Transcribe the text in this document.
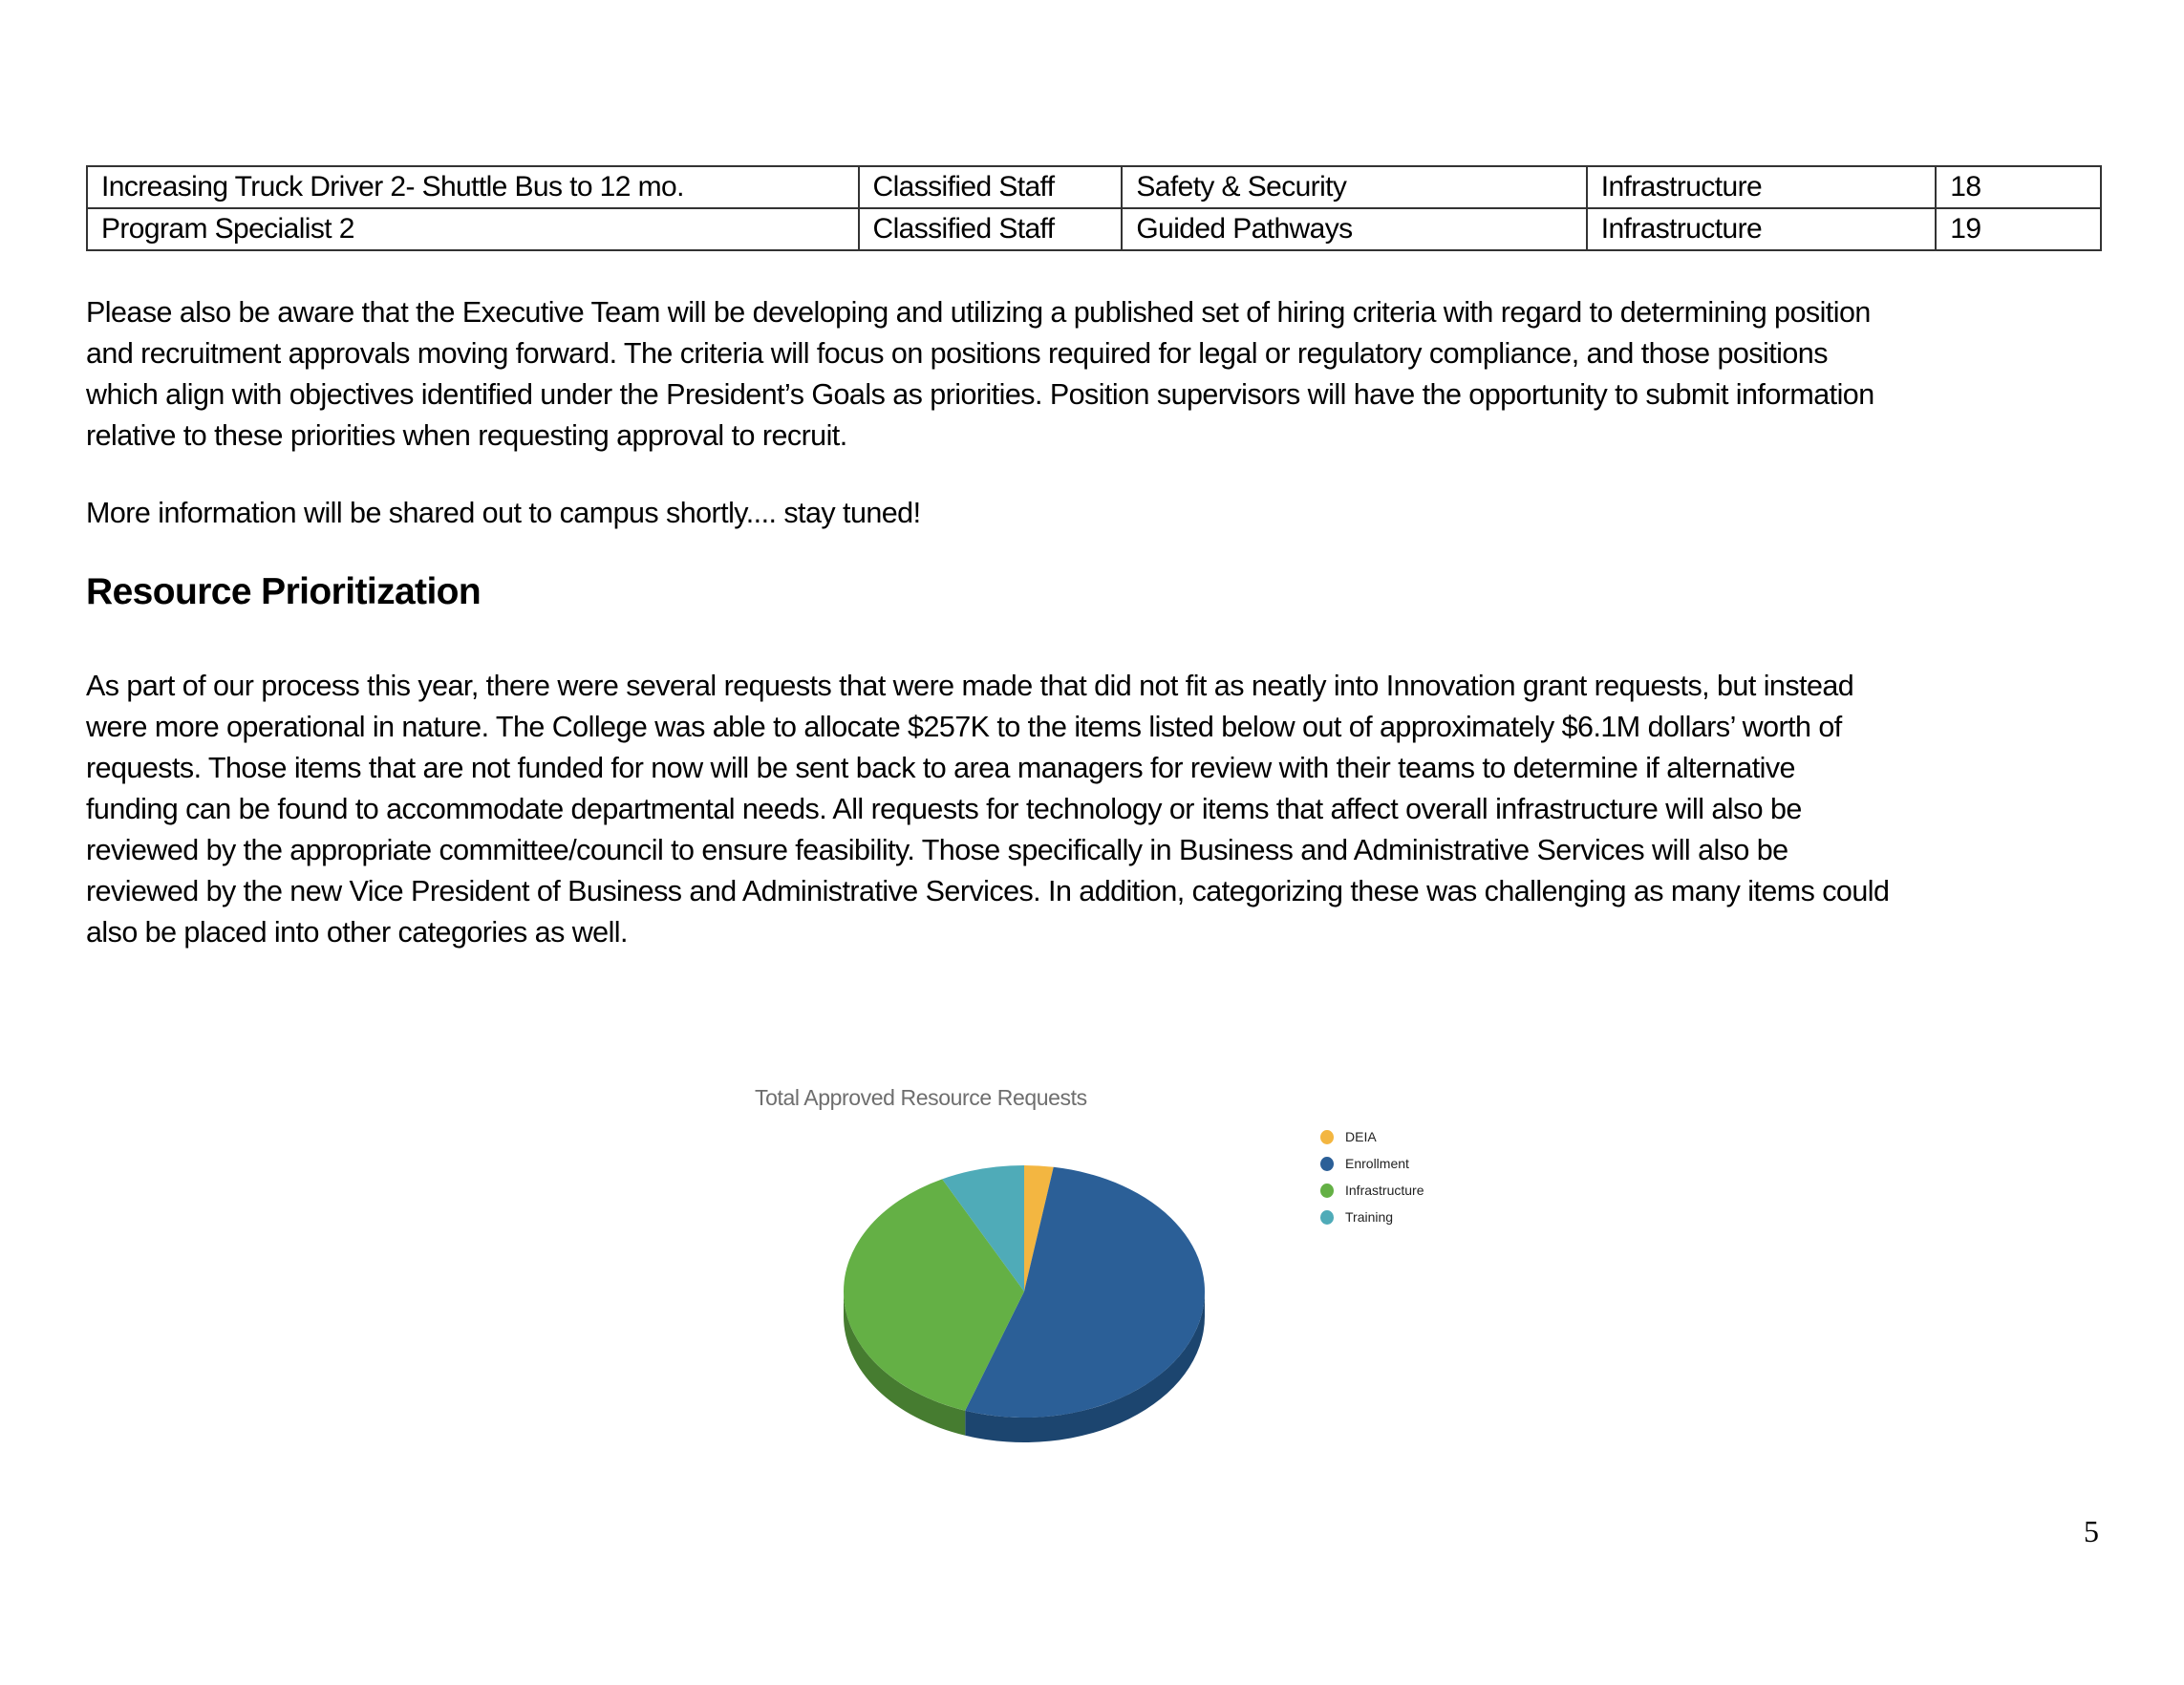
Increasing Truck Driver 2- Shuttle Bus to 12 mo.	Classified Staff	Safety & Security	Infrastructure	18
Program Specialist 2	Classified Staff	Guided Pathways	Infrastructure	19
Please also be aware that the Executive Team will be developing and utilizing a published set of hiring criteria with regard to determining position
and recruitment approvals moving forward. The criteria will focus on positions required for legal or regulatory compliance, and those positions
which align with objectives identified under the President’s Goals as priorities. Position supervisors will have the opportunity to submit information
relative to these priorities when requesting approval to recruit.
More information will be shared out to campus shortly.... stay tuned!
Resource Prioritization
As part of our process this year, there were several requests that were made that did not fit as neatly into Innovation grant requests, but instead
were more operational in nature. The College was able to allocate $257K to the items listed below out of approximately $6.1M dollars’ worth of
requests. Those items that are not funded for now will be sent back to area managers for review with their teams to determine if alternative
funding can be found to accommodate departmental needs. All requests for technology or items that affect overall infrastructure will also be
reviewed by the appropriate committee/council to ensure feasibility. Those specifically in Business and Administrative Services will also be
reviewed by the new Vice President of Business and Administrative Services. In addition, categorizing these was challenging as many items could
also be placed into other categories as well.
Total Approved Resource Requests
DEIA
Enrollment
Infrastructure
Training
5
